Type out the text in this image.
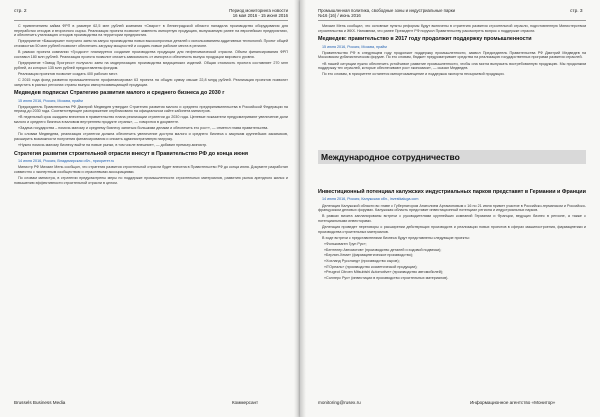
стр. 2	Период мониторинга новости
16 мая 2016 - 15 июня 2016

С привлечением займа ФРП в размере 62,5 млн рублей компания «Сварог» в Ленинградской области наладила производство оборудования для переработки отходов и вторичного сырья. Реализация проекта позволит заменить импортную продукцию, выпускаемую ранее на европейских предприятиях, и обеспечить утилизацию отходов производства на территории предприятия.

Предприятие «Башкирьия» получило заем на запуск производства новых высокопрочных деталей с использованием аддитивных технологий. Проект общей стоимостью 50 млн рублей позволит обеспечить загрузку мощностей и создать новые рабочие места в регионе.

В рамках проекта компании «Гродсон» планируется создание производства продукции для нефтехимической отрасли. Объем финансирования ФРП составил 180 млн рублей. Реализация проекта позволит снизить зависимость от импорта и обеспечить выпуск продукции мирового уровня.

Предприятие «Завод Прогресс» получило заем на модернизацию производства медицинских изделий. Общая стоимость проекта составляет 270 млн рублей, из которых 135 млн рублей предоставлены фондом.

Реализация проектов позволит создать 400 рабочих мест.

С 2015 года фонд развития промышленности профинансировал 63 проекта на общую сумму свыше 22,8 млрд рублей. Реализация проектов позволит запустить в разных регионах страны выпуск импортозамещающей продукции.

Медведев подписал Стратегию развития малого и среднего бизнеса до 2030 г

15 июня 2016, Россия, Москва, прайм

Председатель Правительства РФ Дмитрий Медведев утвердил Стратегию развития малого и среднего предпринимательства в Российской Федерации на период до 2030 года. Соответствующее распоряжение опубликовано на официальном сайте кабинета министров.

«В недельный срок ожидаем внесения в правительство плана реализации стратегии до 2030 года. Целевые показатели предусматривают увеличение доли малого и среднего бизнеса в валовом внутреннем продукте страны», — говорится в документе.

«Задача государства – помочь малому и среднему бизнесу заняться большими делами и обеспечить его рост», — отметил глава правительства.

По словам Медведева, реализация стратегии должна обеспечить увеличение доступа малого и среднего бизнеса к закупкам крупнейших заказчиков, расширить возможности получения финансирования и снизить административную нагрузку.

«Нужно помочь малому бизнесу выйти на новые рынки, в том числе внешние», — добавил премьер-министр.

Стратегия развития строительной отрасли внесут в Правительство РФ до конца июня

14 июня 2016, Россия, Владимирская обл., приоритет.ru

Министр РФ Михаил Мень сообщил, что стратегия развития строительной отрасли будет внесена в Правительство РФ до конца июня. Документ разработан совместно с экспертным сообществом и отраслевыми ассоциациями.

По словам министра, в стратегии предусмотрены меры по поддержке промышленности строительных материалов, развитию рынка арендного жилья и повышению эффективности строительной отрасли в целом.

Brussels Business Media	Коммерсант
Промышленная политика, свободные зоны и индустриальные парки
№16 (16) / июнь 2016
стр. 3

Михаил Мень сообщил, что основные пункты реформы будут включены в стратегию развития строительной отрасли, подготовленную Министерством строительства и ЖКХ. Напомним, что ранее Президент РФ поручил Правительству рассмотреть вопрос о поддержке отрасли.

Медведев: правительство в 2017 году продолжит поддержку промышленности

15 июня 2016, Россия, Москва, прайм

Правительство РФ в следующем году продолжит поддержку промышленности, заявил Председатель Правительства РФ Дмитрий Медведев на Московском урбанистическом форуме. По его словам, бюджет предусматривает средства на реализацию государственных программ развития отраслей.

«В нашей ситуации нужно обеспечить устойчивое развитие промышленности, чтобы она могла выпускать востребованную продукцию. Мы продолжим поддержку тех отраслей, которые обеспечивают рост экономики», — сказал Медведев.

По его словам, в приоритете останется импортозамещение и поддержка экспорта несырьевой продукции.

Инвестиционный потенциал калужских индустриальных парков представят в Германии и Франции

14 июня 2016, Россия, Калужская обл., investkaluga.com

Делегация Калужской области во главе с Губернатором Анатолием Артамоновым с 16 по 21 июня примет участие в Российско-германском и Российско-французском деловых форумах. Калужская область представит инвестиционный потенциал региона и индустриальных парков.

В рамках визита запланированы встречи с руководителями крупнейших компаний Германии и Франции, ведущих бизнес в регионе, а также с потенциальными инвесторами.

Делегация проведет переговоры о расширении действующих производств и реализации новых проектов в сферах машиностроения, фармацевтики и производства строительных материалов.

В ходе встречи с представителями бизнеса будут представлены следующие проекты:

• «Фольксваген Груп Рус»;
• «Бентелер Автомотив» (производство деталей и ходовой подвески);
• «Берлин-Хеми» (фармацевтическое производство);
• «Хохланд Руссланд» (производство сыров);
• «Л'Ореаль» (производство косметической продукции);
• «Peugeot Citroen Mitsubishi Automotive» (производство автомобилей);
• «Соллерс Рус» (инвестиции в производство строительных материалов).
monitoring@rusex.ru	Информационное агентство «Монитор»
Международное сотрудничество
